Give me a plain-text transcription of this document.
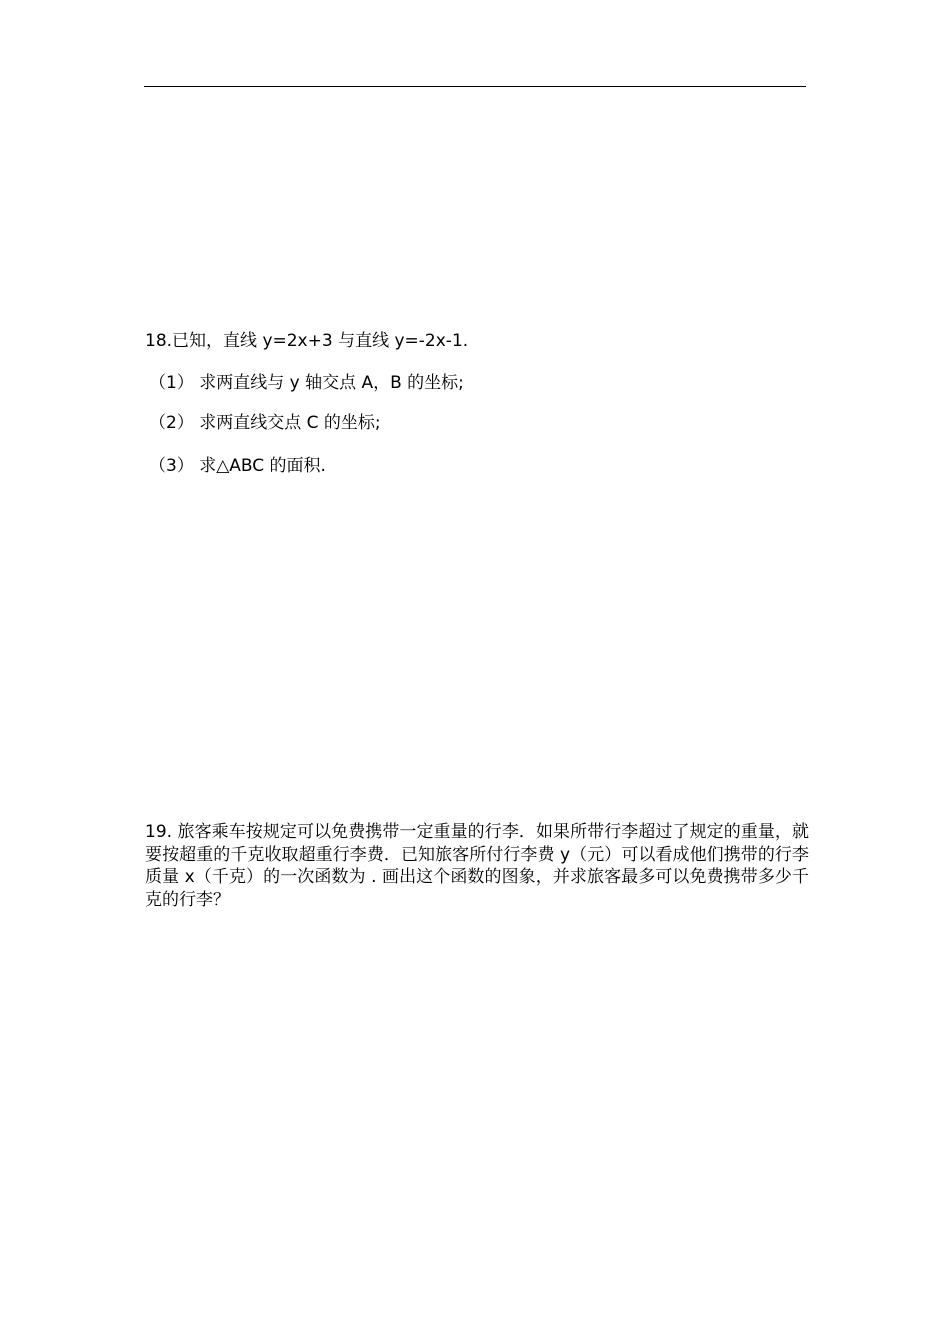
18.已知，直线 y=2x+3 与直线 y=-2x-1.
（1） 求两直线与 y 轴交点 A，B 的坐标;
（2） 求两直线交点 C 的坐标;
（3） 求△ABC 的面积.
19. 旅客乘车按规定可以免费携带一定重量的行李．如果所带行李超过了规定的重量，就要按超重的千克收取超重行李费．已知旅客所付行李费 y（元）可以看成他们携带的行李质量 x（千克）的一次函数为 . 画出这个函数的图象，并求旅客最多可以免费携带多少千克的行李？
